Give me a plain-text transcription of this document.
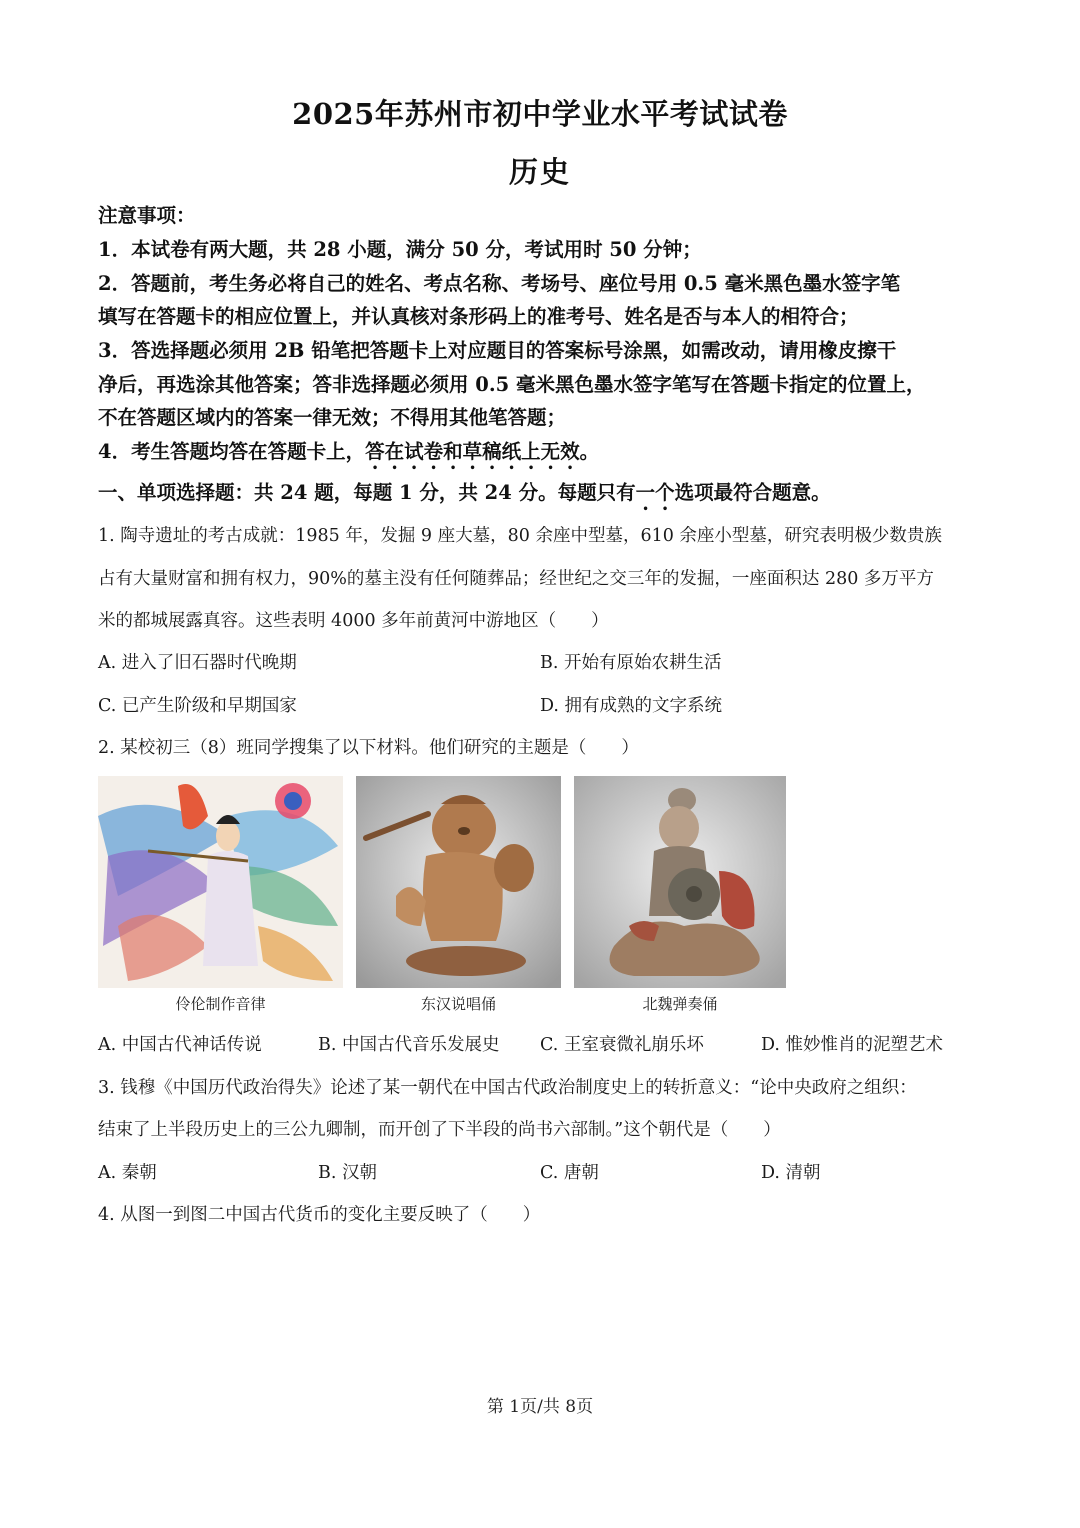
2025年苏州市初中学业水平考试试卷
历史
注意事项：
1．本试卷有两大题，共 28 小题，满分 50 分，考试用时 50 分钟；
2．答题前，考生务必将自己的姓名、考点名称、考场号、座位号用 0.5 毫米黑色墨水签字笔
填写在答题卡的相应位置上，并认真核对条形码上的准考号、姓名是否与本人的相符合；
3．答选择题必须用 2B 铅笔把答题卡上对应题目的答案标号涂黑，如需改动，请用橡皮擦干
净后，再选涂其他答案；答非选择题必须用 0.5 毫米黑色墨水签字笔写在答题卡指定的位置上，
不在答题区域内的答案一律无效；不得用其他笔答题；
4．考生答题均答在答题卡上，答在试卷和草稿纸上无效。
一、单项选择题：共 24 题，每题 1 分，共 24 分。每题只有一个选项最符合题意。
1. 陶寺遗址的考古成就：1985 年，发掘 9 座大墓，80 余座中型墓，610 余座小型墓，研究表明极少数贵族
占有大量财富和拥有权力，90%的墓主没有任何随葬品；经世纪之交三年的发掘，一座面积达 280 多万平方
米的都城展露真容。这些表明 4000 多年前黄河中游地区（　　）
A. 进入了旧石器时代晚期	B. 开始有原始农耕生活
C. 已产生阶级和早期国家	D. 拥有成熟的文字系统
2. 某校初三（8）班同学搜集了以下材料。他们研究的主题是（　　）
伶伦制作音律	东汉说唱俑	北魏弹奏俑
A. 中国古代神话传说	B. 中国古代音乐发展史 C. 王室衰微礼崩乐坏	D. 惟妙惟肖的泥塑艺术
3. 钱穆《中国历代政治得失》论述了某一朝代在中国古代政治制度史上的转折意义：“论中央政府之组织：
结束了上半段历史上的三公九卿制，而开创了下半段的尚书六部制。”这个朝代是（　　）
A. 秦朝	B. 汉朝	C. 唐朝	D. 清朝
4. 从图一到图二中国古代货币的变化主要反映了（　　）
第 1页/共 8页
